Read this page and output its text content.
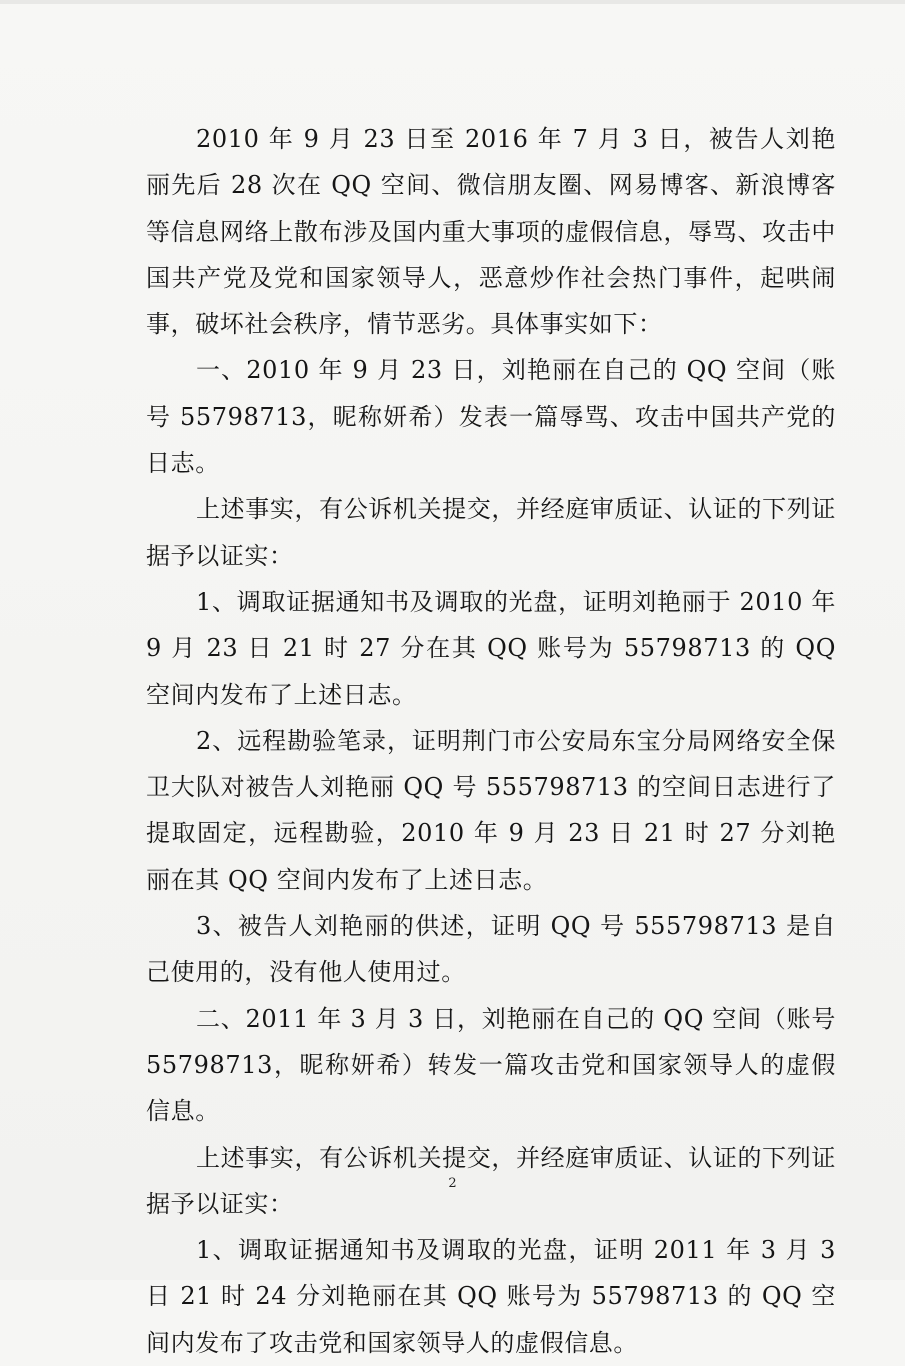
2010 年 9 月 23 日至 2016 年 7 月 3 日，被告人刘艳丽先后 28 次在 QQ 空间、微信朋友圈、网易博客、新浪博客等信息网络上散布涉及国内重大事项的虚假信息，辱骂、攻击中国共产党及党和国家领导人，恶意炒作社会热门事件，起哄闹事，破坏社会秩序，情节恶劣。具体事实如下：

一、2010 年 9 月 23 日，刘艳丽在自己的 QQ 空间（账号 55798713，昵称妍希）发表一篇辱骂、攻击中国共产党的日志。

上述事实，有公诉机关提交，并经庭审质证、认证的下列证据予以证实：

1、调取证据通知书及调取的光盘，证明刘艳丽于 2010 年 9 月 23 日 21 时 27 分在其 QQ 账号为 55798713 的 QQ 空间内发布了上述日志。

2、远程勘验笔录，证明荆门市公安局东宝分局网络安全保卫大队对被告人刘艳丽 QQ 号 555798713 的空间日志进行了提取固定，远程勘验，2010 年 9 月 23 日 21 时 27 分刘艳丽在其 QQ 空间内发布了上述日志。

3、被告人刘艳丽的供述，证明 QQ 号 555798713 是自己使用的，没有他人使用过。

二、2011 年 3 月 3 日，刘艳丽在自己的 QQ 空间（账号 55798713，昵称妍希）转发一篇攻击党和国家领导人的虚假信息。

上述事实，有公诉机关提交，并经庭审质证、认证的下列证据予以证实：

1、调取证据通知书及调取的光盘，证明 2011 年 3 月 3 日 21 时 24 分刘艳丽在其 QQ 账号为 55798713 的 QQ 空间内发布了攻击党和国家领导人的虚假信息。

2
